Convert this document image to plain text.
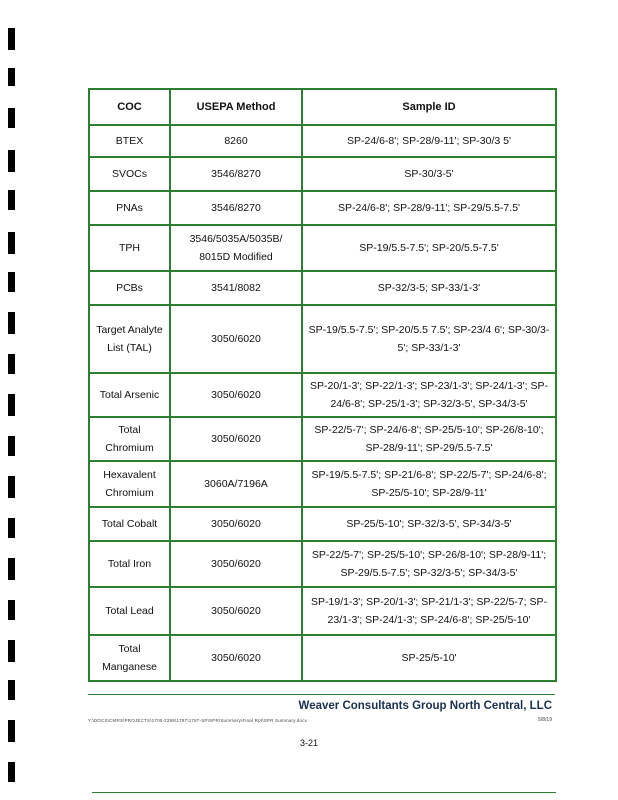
COC	USEPA Method	Sample ID
BTEX	8260	SP-24/6-8'; SP-28/9-11'; SP-30/3 5'
SVOCs	3546/8270	SP-30/3-5'
PNAs	3546/8270	SP-24/6-8'; SP-28/9-11'; SP-29/5.5-7.5'
TPH	3546/5035A/5035B/ 8015D Modified	SP-19/5.5-7.5'; SP-20/5.5-7.5'
PCBs	3541/8082	SP-32/3-5; SP-33/1-3'
Target Analyte List (TAL)	3050/6020	SP-19/5.5-7.5'; SP-20/5.5 7.5'; SP-23/4 6'; SP-30/3-5'; SP-33/1-3'
Total Arsenic	3050/6020	SP-20/1-3'; SP-22/1-3'; SP-23/1-3'; SP-24/1-3'; SP-24/6-8'; SP-25/1-3'; SP-32/3-5', SP-34/3-5'
Total Chromium	3050/6020	SP-22/5-7'; SP-24/6-8'; SP-25/5-10'; SP-26/8-10'; SP-28/9-11'; SP-29/5.5-7.5'
Hexavalent Chromium	3060A/7196A	SP-19/5.5-7.5'; SP-21/6-8'; SP-22/5-7'; SP-24/6-8'; SP-25/5-10'; SP-28/9-11'
Total Cobalt	3050/6020	SP-25/5-10'; SP-32/3-5', SP-34/3-5'
Total Iron	3050/6020	SP-22/5-7'; SP-25/5-10'; SP-26/8-10'; SP-28/9-11'; SP-29/5.5-7.5'; SP-32/3-5'; SP-34/3-5'
Total Lead	3050/6020	SP-19/1-3'; SP-20/1-3'; SP-21/1-3'; SP-22/5-7; SP-23/1-3'; SP-24/1-3'; SP-24/6-8'; SP-25/5-10'
Total Manganese	3050/6020	SP-25/5-10'
Weaver Consultants Group North Central, LLC
Y:\DOCS\CMRS\PROJECTS\1700-2299\1787\1787-SP\SPR\Summary\Final Rpt\SPR Summary.docx	5/8/19
3-21
